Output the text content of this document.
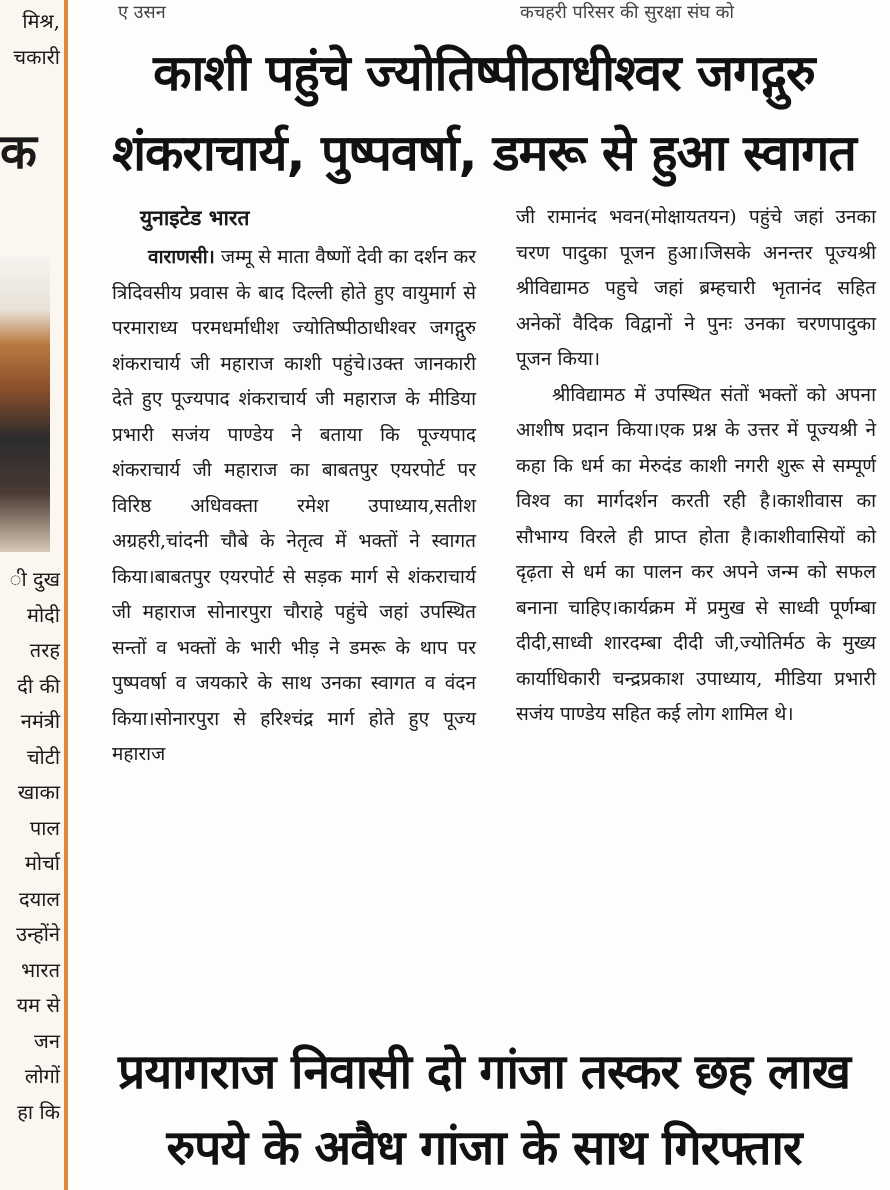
मिश्र,
चकारी
क
ी दुख
मोदी
तरह
दी की
नमंत्री
चोटी
खाका
पाल
मोर्चा
दयाल
उन्होंने
भारत
यम से
जन
लोगों
हा कि
ए उसन	कचहरी परिसर की सुरक्षा संघ को
काशी पहुंचे ज्योतिष्पीठाधीश्वर जगद्गुरु
शंकराचार्य, पुष्पवर्षा, डमरू से हुआ स्वागत
युनाइटेड भारत
वाराणसी। जम्मू से माता वैष्णों देवी का दर्शन कर त्रिदिवसीय प्रवास के बाद दिल्ली होते हुए वायुमार्ग से परमाराध्य परमधर्माधीश ज्योतिष्पीठाधीश्वर जगद्गुरु शंकराचार्य जी महाराज काशी पहुंचे।उक्त जानकारी देते हुए पूज्यपाद शंकराचार्य जी महाराज के मीडिया प्रभारी सजंय पाण्डेय ने बताया कि पूज्यपाद शंकराचार्य जी महाराज का बाबतपुर एयरपोर्ट पर विरिष्ठ अधिवक्ता रमेश उपाध्याय,सतीश अग्रहरी,चांदनी चौबे के नेतृत्व में भक्तों ने स्वागत किया।बाबतपुर एयरपोर्ट से सड़क मार्ग से शंकराचार्य जी महाराज सोनारपुरा चौराहे पहुंचे जहां उपस्थित सन्तों व भक्तों के भारी भीड़ ने डमरू के थाप पर पुष्पवर्षा व जयकारे के साथ उनका स्वागत व वंदन किया।सोनारपुरा से हरिश्चंद्र मार्ग होते हुए पूज्य महाराज
जी रामानंद भवन(मोक्षायतयन) पहुंचे जहां उनका चरण पादुका पूजन हुआ।जिसके अनन्तर पूज्यश्री श्रीविद्यामठ पहुचे जहां ब्रम्हचारी भृतानंद सहित अनेकों वैदिक विद्वानों ने पुनः उनका चरणपादुका पूजन किया।
श्रीविद्यामठ में उपस्थित संतों भक्तों को अपना आशीष प्रदान किया।एक प्रश्न के उत्तर में पूज्यश्री ने कहा कि धर्म का मेरुदंड काशी नगरी शुरू से सम्पूर्ण विश्व का मार्गदर्शन करती रही है।काशीवास का सौभाग्य विरले ही प्राप्त होता है।काशीवासियों को दृढ़ता से धर्म का पालन कर अपने जन्म को सफल बनाना चाहिए।कार्यक्रम में प्रमुख से साध्वी पूर्णम्बा दीदी,साध्वी शारदम्बा दीदी जी,ज्योतिर्मठ के मुख्य कार्याधिकारी चन्द्रप्रकाश उपाध्याय, मीडिया प्रभारी सजंय पाण्डेय सहित कई लोग शामिल थे।
प्रयागराज निवासी दो गांजा तस्कर छह लाख
रुपये के अवैध गांजा के साथ गिरफ्तार
